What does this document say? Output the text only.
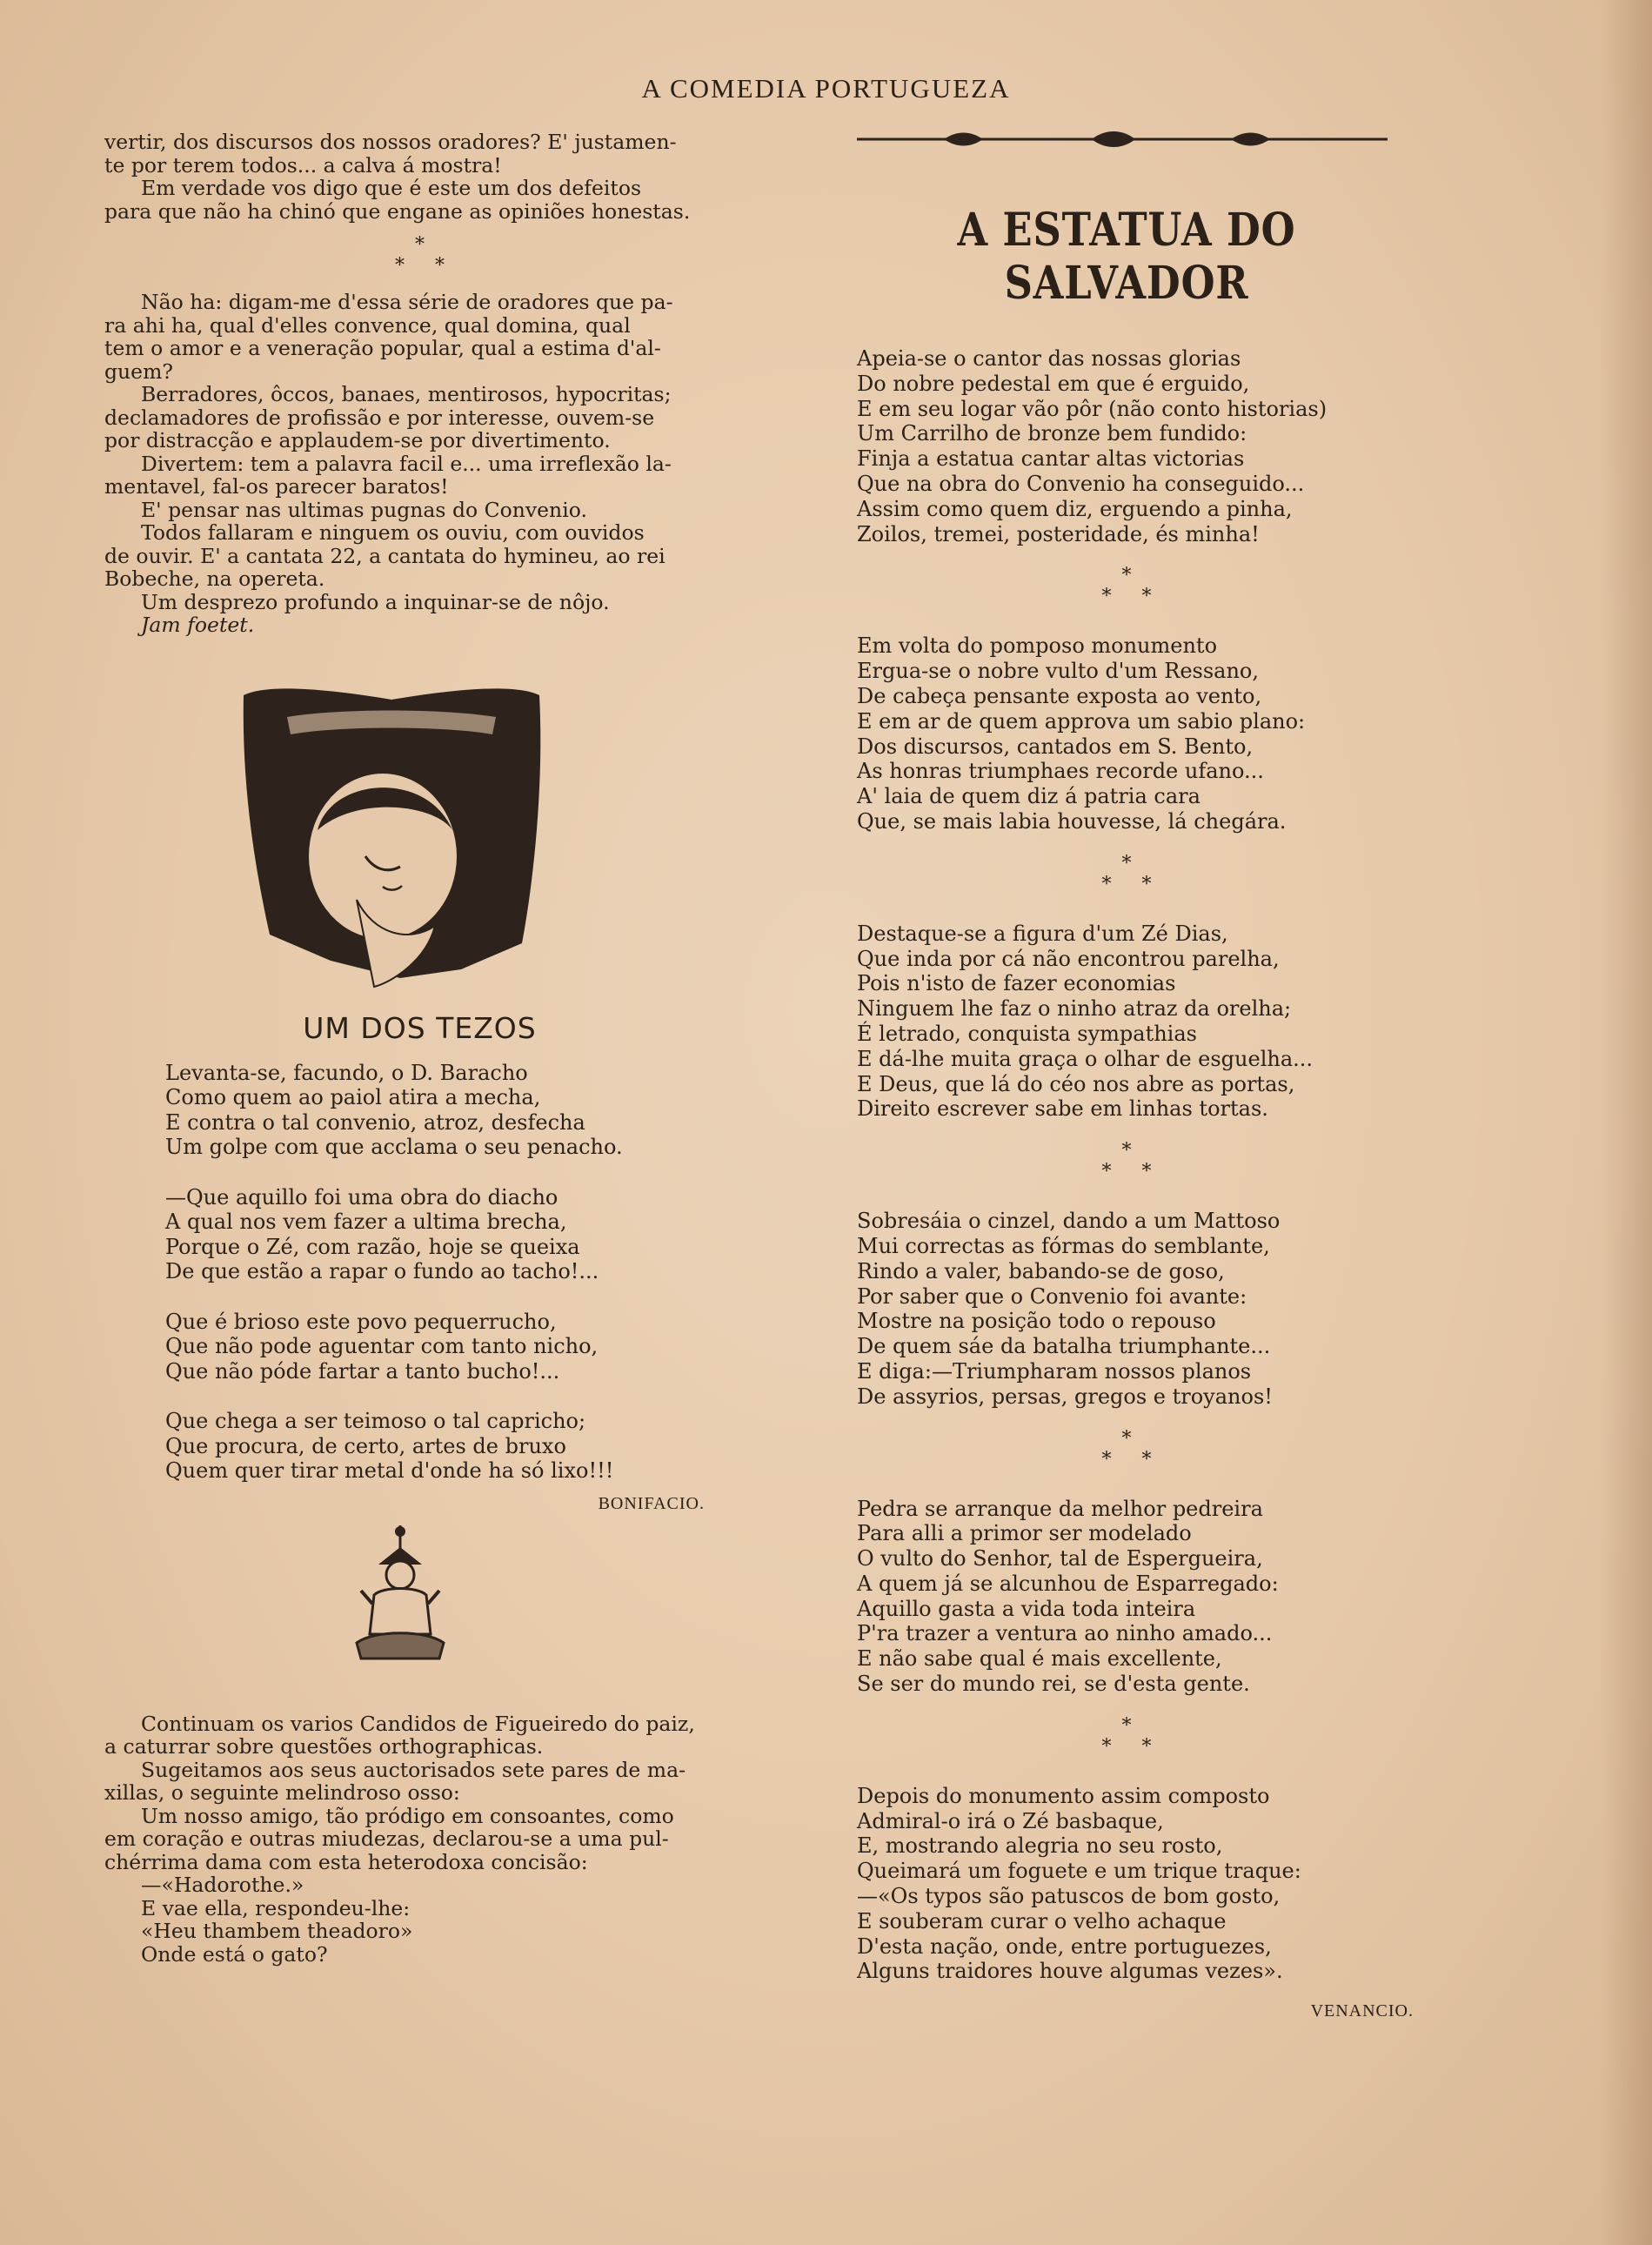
A COMEDIA PORTUGUEZA

vertir, dos discursos dos nossos oradores? E' justamen-

te por terem todos... a calva á mostra!

Em verdade vos digo que é este um dos defeitos

para que não ha chinó que engane as opiniões honestas.

*
* *

Não ha: digam-me d'essa série de oradores que pa-

ra ahi ha, qual d'elles convence, qual domina, qual

tem o amor e a veneração popular, qual a estima d'al-

guem?

Berradores, ôccos, banaes, mentirosos, hypocritas;

declamadores de profissão e por interesse, ouvem-se

por distracção e applaudem-se por divertimento.

Divertem: tem a palavra facil e... uma irreflexão la-

mentavel, fal-os parecer baratos!

E' pensar nas ultimas pugnas do Convenio.

Todos fallaram e ninguem os ouviu, com ouvidos

de ouvir. E' a cantata 22, a cantata do hymineu, ao rei

Bobeche, na opereta.

Um desprezo profundo a inquinar-se de nôjo.

Jam foetet.

UM DOS TEZOS

Levanta-se, facundo, o D. Baracho

Como quem ao paiol atira a mecha,

E contra o tal convenio, atroz, desfecha

Um golpe com que acclama o seu penacho.

—Que aquillo foi uma obra do diacho

A qual nos vem fazer a ultima brecha,

Porque o Zé, com razão, hoje se queixa

De que estão a rapar o fundo ao tacho!...

Que é brioso este povo pequerrucho,

Que não pode aguentar com tanto nicho,

Que não póde fartar a tanto bucho!...

Que chega a ser teimoso o tal capricho;

Que procura, de certo, artes de bruxo

Quem quer tirar metal d'onde ha só lixo!!!

BONIFACIO.

Continuam os varios Candidos de Figueiredo do paiz,

a caturrar sobre questões orthographicas.

Sugeitamos aos seus auctorisados sete pares de ma-

xillas, o seguinte melindroso osso:

Um nosso amigo, tão pródigo em consoantes, como

em coração e outras miudezas, declarou-se a uma pul-

chérrima dama com esta heterodoxa concisão:

—«Hadorothe.»

E vae ella, respondeu-lhe:

«Heu thambem theadoro»

Onde está o gato?

A ESTATUA DO SALVADOR

Apeia-se o cantor das nossas glorias

Do nobre pedestal em que é erguido,

E em seu logar vão pôr (não conto historias)

Um Carrilho de bronze bem fundido:

Finja a estatua cantar altas victorias

Que na obra do Convenio ha conseguido...

Assim como quem diz, erguendo a pinha,

Zoilos, tremei, posteridade, és minha!

*
* *

Em volta do pomposo monumento

Ergua-se o nobre vulto d'um Ressano,

De cabeça pensante exposta ao vento,

E em ar de quem approva um sabio plano:

Dos discursos, cantados em S. Bento,

As honras triumphaes recorde ufano...

A' laia de quem diz á patria cara

Que, se mais labia houvesse, lá chegára.

*
* *

Destaque-se a figura d'um Zé Dias,

Que inda por cá não encontrou parelha,

Pois n'isto de fazer economias

Ninguem lhe faz o ninho atraz da orelha;

É letrado, conquista sympathias

E dá-lhe muita graça o olhar de esguelha...

E Deus, que lá do céo nos abre as portas,

Direito escrever sabe em linhas tortas.

*
* *

Sobresáia o cinzel, dando a um Mattoso

Mui correctas as fórmas do semblante,

Rindo a valer, babando-se de goso,

Por saber que o Convenio foi avante:

Mostre na posição todo o repouso

De quem sáe da batalha triumphante...

E diga:—Triumpharam nossos planos

De assyrios, persas, gregos e troyanos!

*
* *

Pedra se arranque da melhor pedreira

Para alli a primor ser modelado

O vulto do Senhor, tal de Espergueira,

A quem já se alcunhou de Esparregado:

Aquillo gasta a vida toda inteira

P'ra trazer a ventura ao ninho amado...

E não sabe qual é mais excellente,

Se ser do mundo rei, se d'esta gente.

*
* *

Depois do monumento assim composto

Admiral-o irá o Zé basbaque,

E, mostrando alegria no seu rosto,

Queimará um foguete e um trique traque:

—«Os typos são patuscos de bom gosto,

E souberam curar o velho achaque

D'esta nação, onde, entre portuguezes,

Alguns traidores houve algumas vezes».

VENANCIO.
